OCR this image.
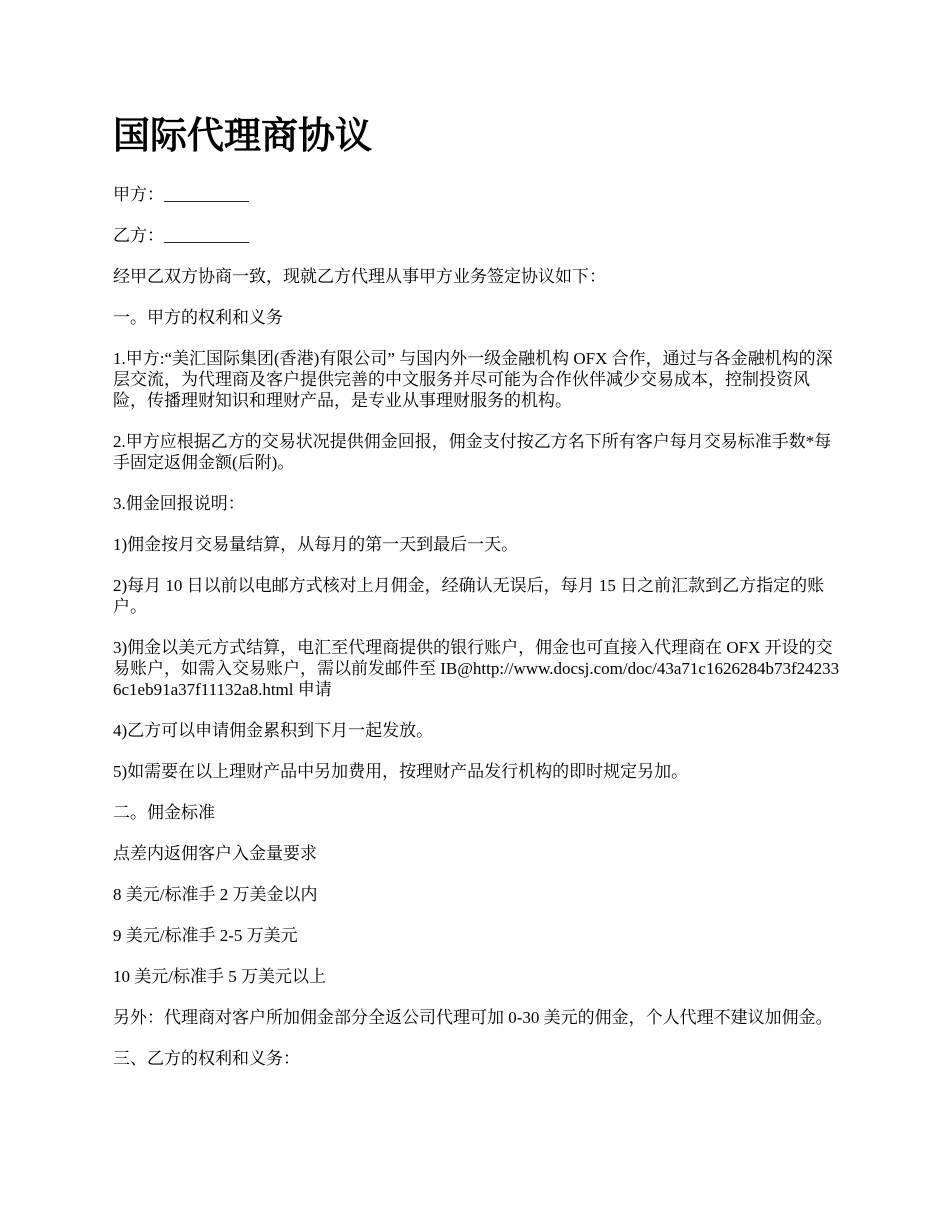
国际代理商协议

甲方：__________

乙方：__________

经甲乙双方协商一致，现就乙方代理从事甲方业务签定协议如下：

一。甲方的权利和义务

1.甲方:“美汇国际集团(香港)有限公司” 与国内外一级金融机构 OFX 合作，通过与各金融机构的深层交流，为代理商及客户提供完善的中文服务并尽可能为合作伙伴减少交易成本，控制投资风险，传播理财知识和理财产品，是专业从事理财服务的机构。

2.甲方应根据乙方的交易状况提供佣金回报，佣金支付按乙方名下所有客户每月交易标准手数*每手固定返佣金额(后附)。

3.佣金回报说明：

1)佣金按月交易量结算，从每月的第一天到最后一天。

2)每月 10 日以前以电邮方式核对上月佣金，经确认无误后，每月 15 日之前汇款到乙方指定的账户。

3)佣金以美元方式结算，电汇至代理商提供的银行账户，佣金也可直接入代理商在 OFX 开设的交易账户，如需入交易账户，需以前发邮件至 IB@http://www.docsj.com/doc/43a71c1626284b73f242336c1eb91a37f11132a8.html 申请

4)乙方可以申请佣金累积到下月一起发放。

5)如需要在以上理财产品中另加费用，按理财产品发行机构的即时规定另加。

二。佣金标准

点差内返佣客户入金量要求

8 美元/标准手 2 万美金以内

9 美元/标准手 2-5 万美元

10 美元/标准手 5 万美元以上

另外：代理商对客户所加佣金部分全返公司代理可加 0-30 美元的佣金，个人代理不建议加佣金。

三、乙方的权利和义务：
